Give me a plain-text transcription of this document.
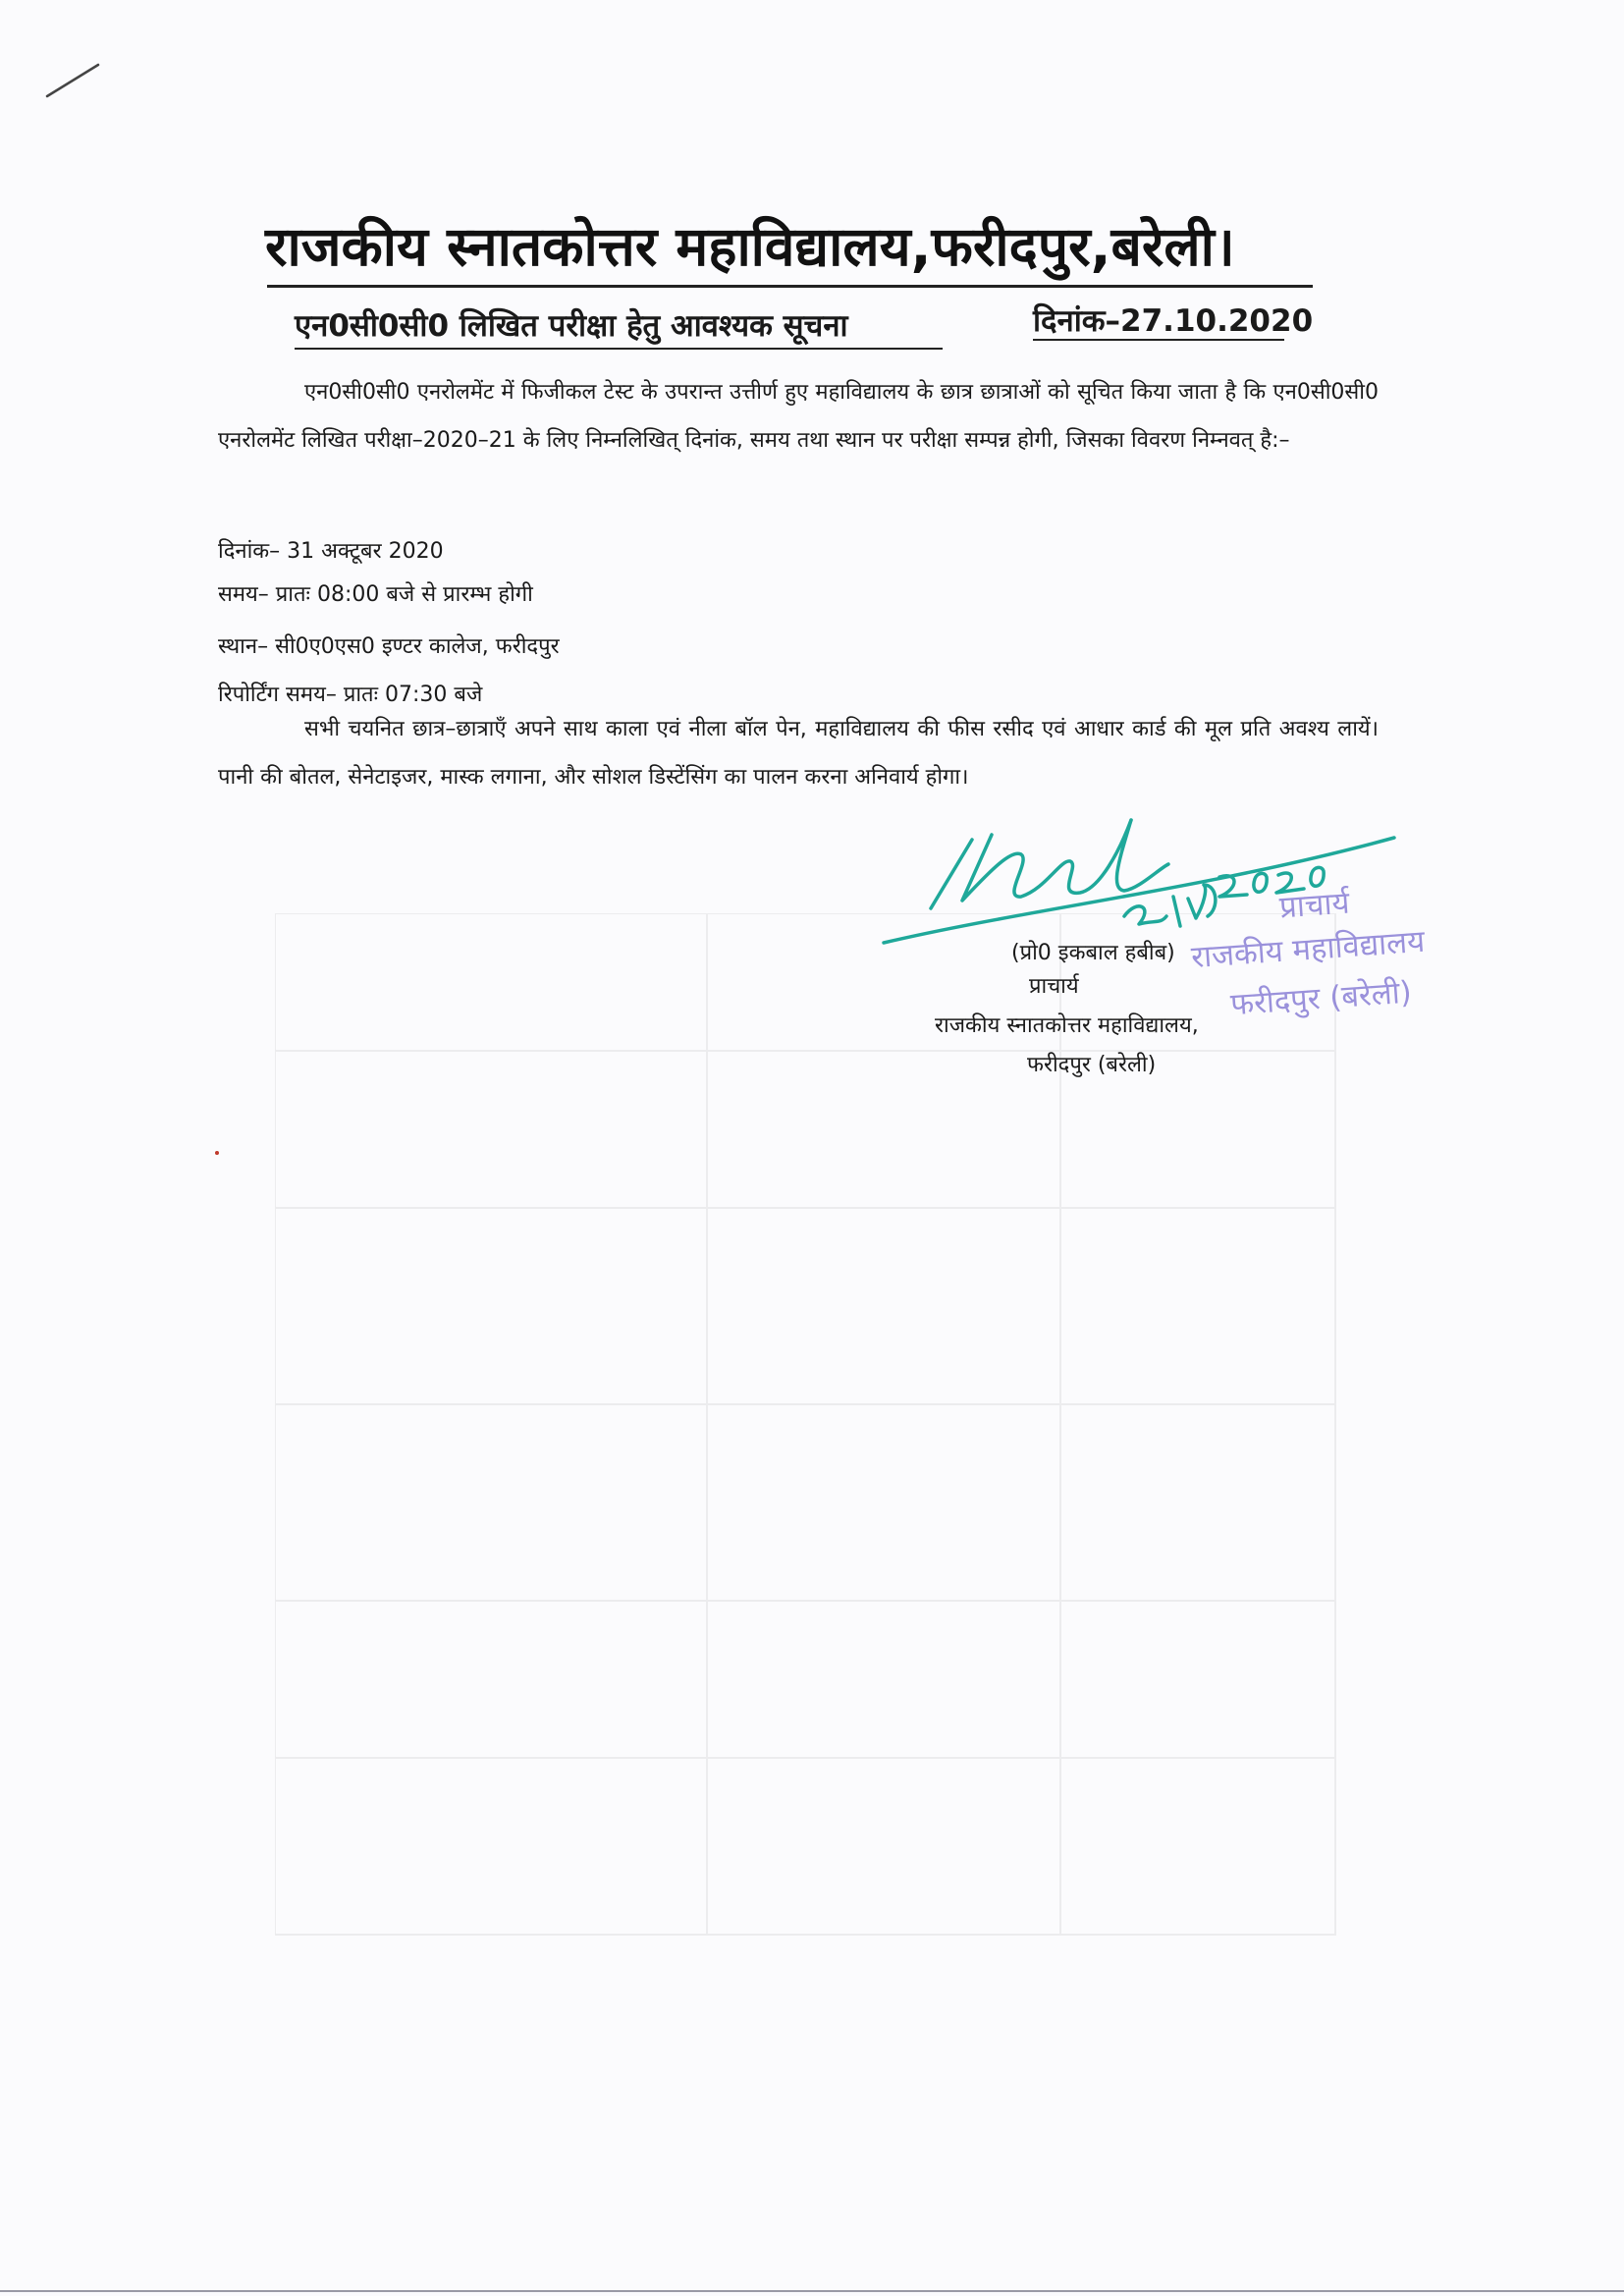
राजकीय स्नातकोत्तर महाविद्यालय,फरीदपुर,बरेली।
एन0सी0सी0 लिखित परीक्षा हेतु आवश्यक सूचना	दिनांक–27.10.2020
एन0सी0सी0 एनरोलमेंट में फिजीकल टेस्ट के उपरान्त उत्तीर्ण हुए महाविद्यालय के छात्र छात्राओं को सूचित किया जाता है कि एन0सी0सी0 एनरोलमेंट लिखित परीक्षा–2020–21 के लिए निम्नलिखित् दिनांक, समय तथा स्थान पर परीक्षा सम्पन्न होगी, जिसका विवरण निम्नवत् है:–
दिनांक– 31 अक्टूबर 2020
समय– प्रातः 08:00 बजे से प्रारम्भ होगी
स्थान– सी0ए0एस0 इण्टर कालेज, फरीदपुर
रिपोर्टिंग समय– प्रातः 07:30 बजे
सभी चयनित छात्र–छात्राएँ अपने साथ काला एवं नीला बॉल पेन, महाविद्यालय की फीस रसीद एवं आधार कार्ड की मूल प्रति अवश्य लायें। पानी की बोतल, सेनेटाइजर, मास्क लगाना, और सोशल डिस्टेंसिंग का पालन करना अनिवार्य होगा।
प्राचार्य
राजकीय महाविद्यालय
फरीदपुर (बरेली)
(प्रो0 इकबाल हबीब)
प्राचार्य
राजकीय स्नातकोत्तर महाविद्यालय,
फरीदपुर (बरेली)
